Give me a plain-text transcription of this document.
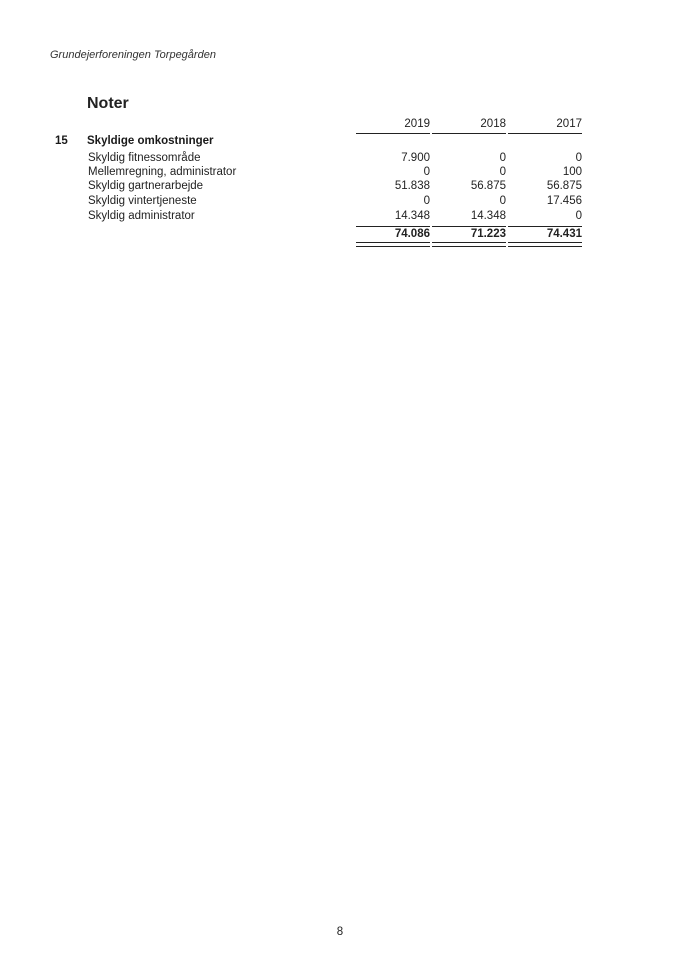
Grundejerforeningen Torpegården
Noter
2019	2018	2017
15 Skyldige omkostninger
Skyldig fitnessområde	7.900	0	0
Mellemregning, administrator	0	0	100
Skyldig gartnerarbejde	51.838	56.875	56.875
Skyldig vintertjeneste	0	0	17.456
Skyldig administrator	14.348	14.348	0
74.086	71.223	74.431
8
